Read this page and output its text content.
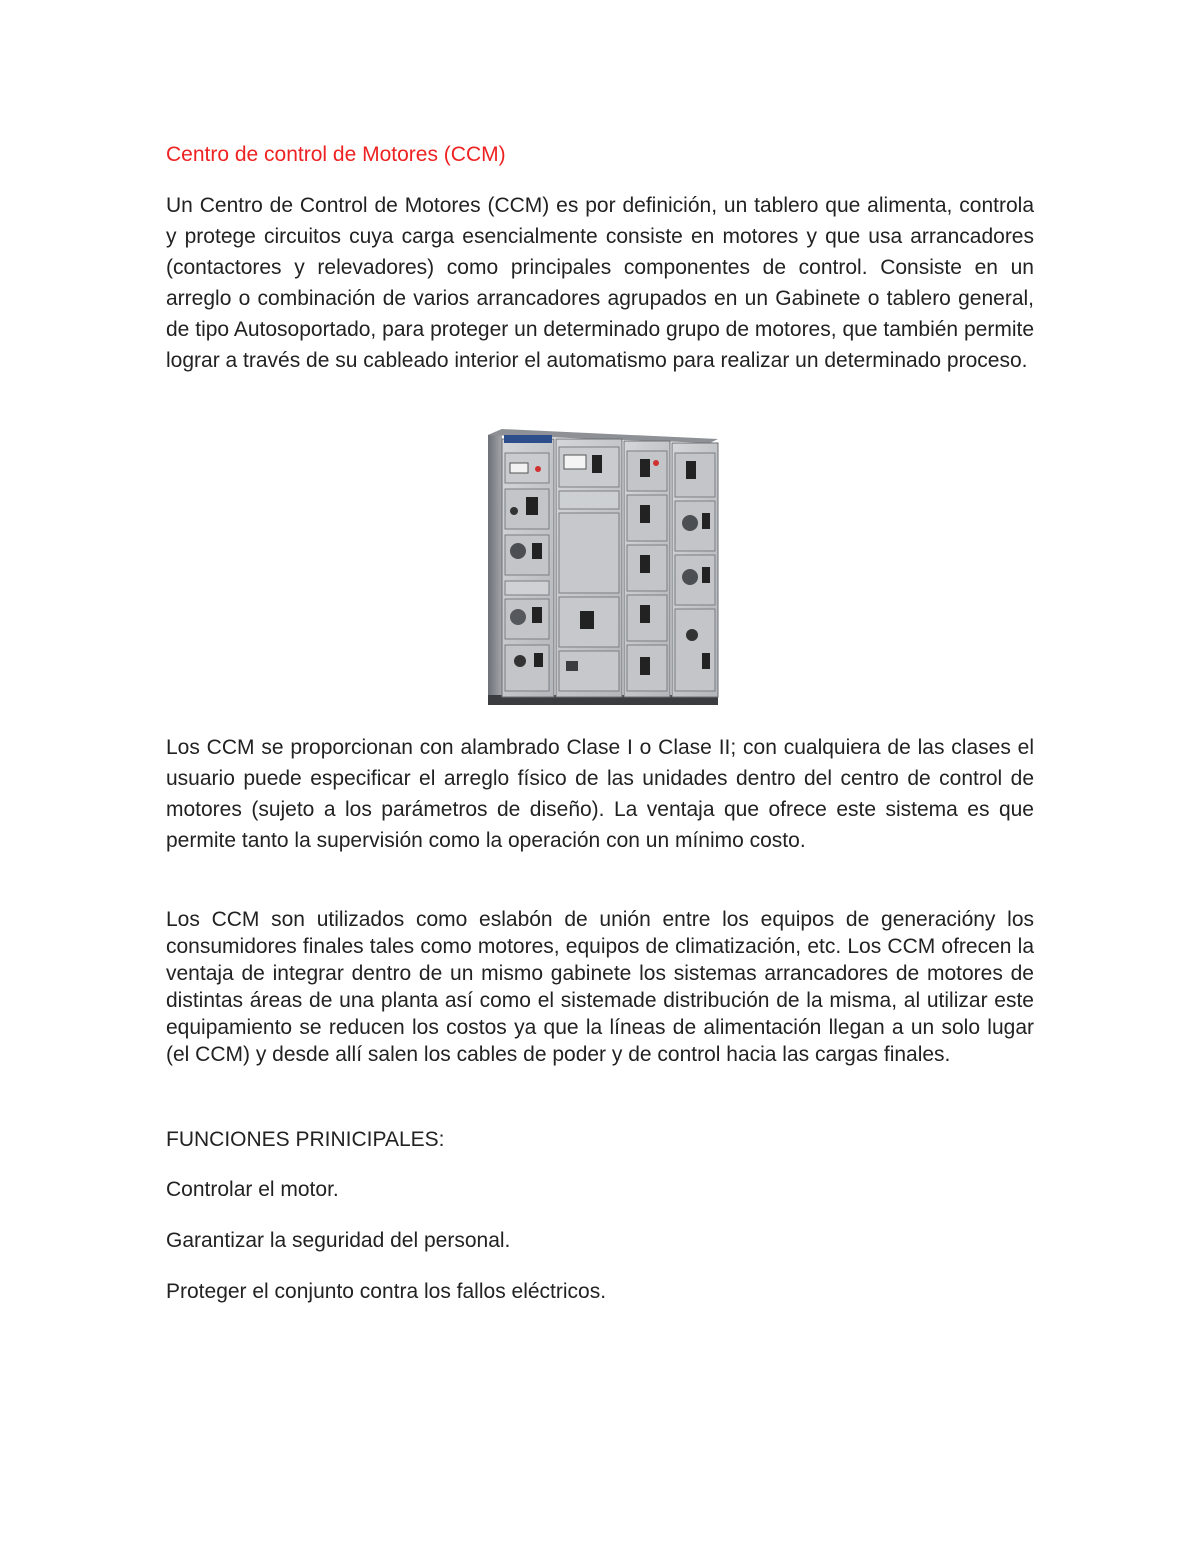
Centro de control de Motores (CCM)

Un Centro de Control de Motores (CCM) es por definición, un tablero que alimenta, controla y protege circuitos cuya carga esencialmente consiste en motores y que usa arrancadores (contactores y relevadores) como principales componentes de control. Consiste en un arreglo o combinación de varios arrancadores agrupados en un Gabinete o tablero general, de tipo Autosoportado, para proteger un determinado grupo de motores, que también permite lograr a través de su cableado interior el automatismo para realizar un determinado proceso.

Los CCM se proporcionan con alambrado Clase I o Clase II; con cualquiera de las clases el usuario puede especificar el arreglo físico de las unidades dentro del centro de control de motores (sujeto a los parámetros de diseño). La ventaja que ofrece este sistema es que permite tanto la supervisión como la operación con un mínimo costo.

Los CCM son utilizados como eslabón de unión entre los equipos de generacióny los consumidores finales tales como motores, equipos de climatización, etc. Los CCM ofrecen la ventaja de integrar dentro de un mismo gabinete los sistemas arrancadores de motores de distintas áreas de una planta así como el sistemade distribución de la misma, al utilizar este equipamiento se reducen los costos ya que la líneas de alimentación llegan a un solo lugar (el CCM) y desde allí salen los cables de poder y de control hacia las cargas finales.

FUNCIONES PRINICIPALES:

Controlar el motor.

Garantizar la seguridad del personal.

Proteger el conjunto contra los fallos eléctricos.
